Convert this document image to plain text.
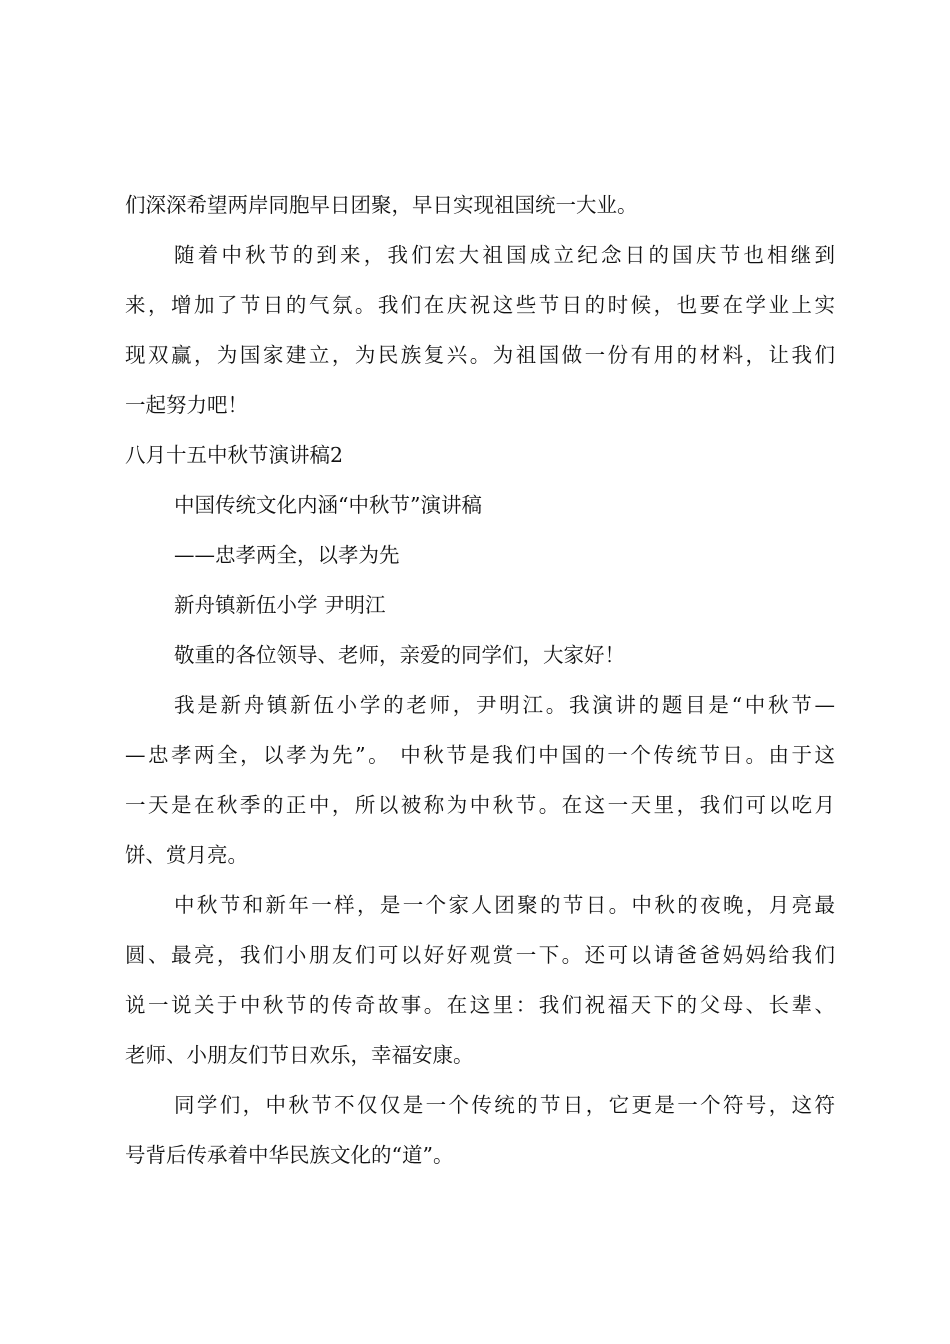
们深深希望两岸同胞早日团聚，早日实现祖国统一大业。
随着中秋节的到来，我们宏大祖国成立纪念日的国庆节也相继到
来，增加了节日的气氛。我们在庆祝这些节日的时候，也要在学业上实
现双赢，为国家建立，为民族复兴。为祖国做一份有用的材料，让我们
一起努力吧！
八月十五中秋节演讲稿2
中国传统文化内涵“中秋节”演讲稿
——忠孝两全，以孝为先
新舟镇新伍小学 尹明江
敬重的各位领导、老师，亲爱的同学们，大家好！
我是新舟镇新伍小学的老师，尹明江。我演讲的题目是“中秋节—
—忠孝两全，以孝为先”。 中秋节是我们中国的一个传统节日。由于这
一天是在秋季的正中，所以被称为中秋节。在这一天里，我们可以吃月
饼、赏月亮。
中秋节和新年一样，是一个家人团聚的节日。中秋的夜晚，月亮最
圆、最亮，我们小朋友们可以好好观赏一下。还可以请爸爸妈妈给我们
说一说关于中秋节的传奇故事。在这里：我们祝福天下的父母、长辈、
老师、小朋友们节日欢乐，幸福安康。
同学们，中秋节不仅仅是一个传统的节日，它更是一个符号，这符
号背后传承着中华民族文化的“道”。
